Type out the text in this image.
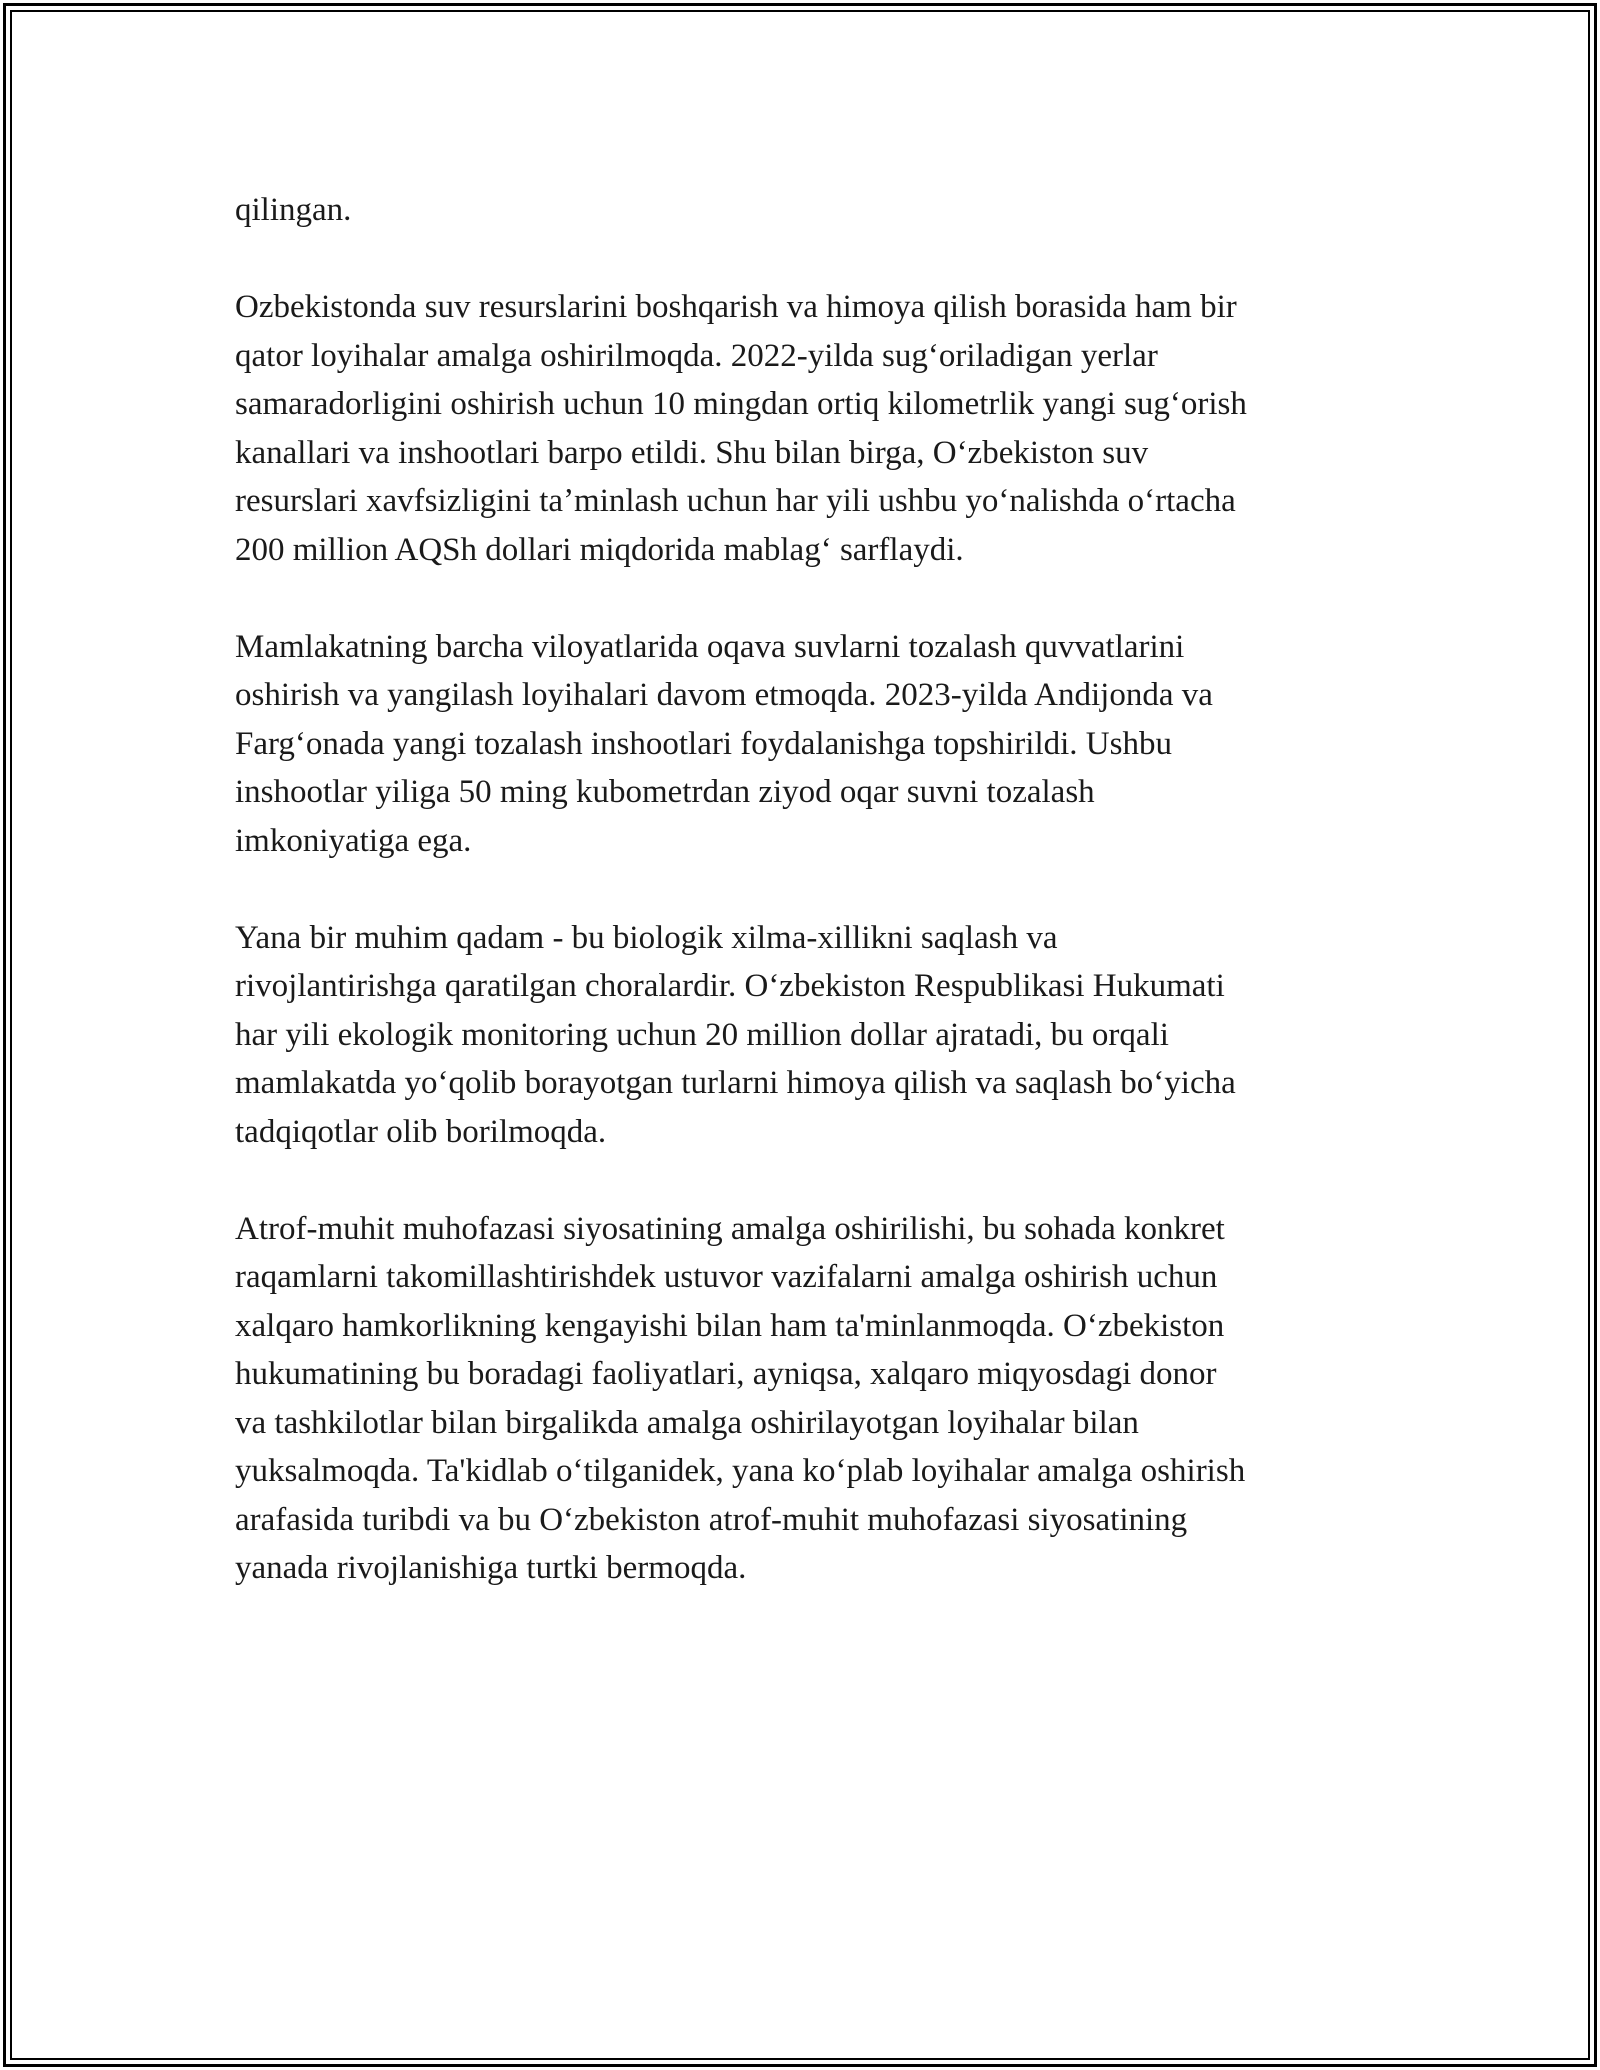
qilingan.

Ozbekistonda suv resurslarini boshqarish va himoya qilish borasida ham bir
qator loyihalar amalga oshirilmoqda. 2022-yilda sugʻoriladigan yerlar
samaradorligini oshirish uchun 10 mingdan ortiq kilometrlik yangi sugʻorish
kanallari va inshootlari barpo etildi. Shu bilan birga, Oʻzbekiston suv
resurslari xavfsizligini taʼminlash uchun har yili ushbu yoʻnalishda oʻrtacha
200 million AQSh dollari miqdorida mablagʻ sarflaydi.

Mamlakatning barcha viloyatlarida oqava suvlarni tozalash quvvatlarini
oshirish va yangilash loyihalari davom etmoqda. 2023-yilda Andijonda va
Fargʻonada yangi tozalash inshootlari foydalanishga topshirildi. Ushbu
inshootlar yiliga 50 ming kubometrdan ziyod oqar suvni tozalash
imkoniyatiga ega.

Yana bir muhim qadam - bu biologik xilma-xillikni saqlash va
rivojlantirishga qaratilgan choralardir. Oʻzbekiston Respublikasi Hukumati
har yili ekologik monitoring uchun 20 million dollar ajratadi, bu orqali
mamlakatda yoʻqolib borayotgan turlarni himoya qilish va saqlash boʻyicha
tadqiqotlar olib borilmoqda.

Atrof-muhit muhofazasi siyosatining amalga oshirilishi, bu sohada konkret
raqamlarni takomillashtirishdek ustuvor vazifalarni amalga oshirish uchun
xalqaro hamkorlikning kengayishi bilan ham ta'minlanmoqda. Oʻzbekiston
hukumatining bu boradagi faoliyatlari, ayniqsa, xalqaro miqyosdagi donor
va tashkilotlar bilan birgalikda amalga oshirilayotgan loyihalar bilan
yuksalmoqda. Ta'kidlab oʻtilganidek, yana koʻplab loyihalar amalga oshirish
arafasida turibdi va bu Oʻzbekiston atrof-muhit muhofazasi siyosatining
yanada rivojlanishiga turtki bermoqda.
